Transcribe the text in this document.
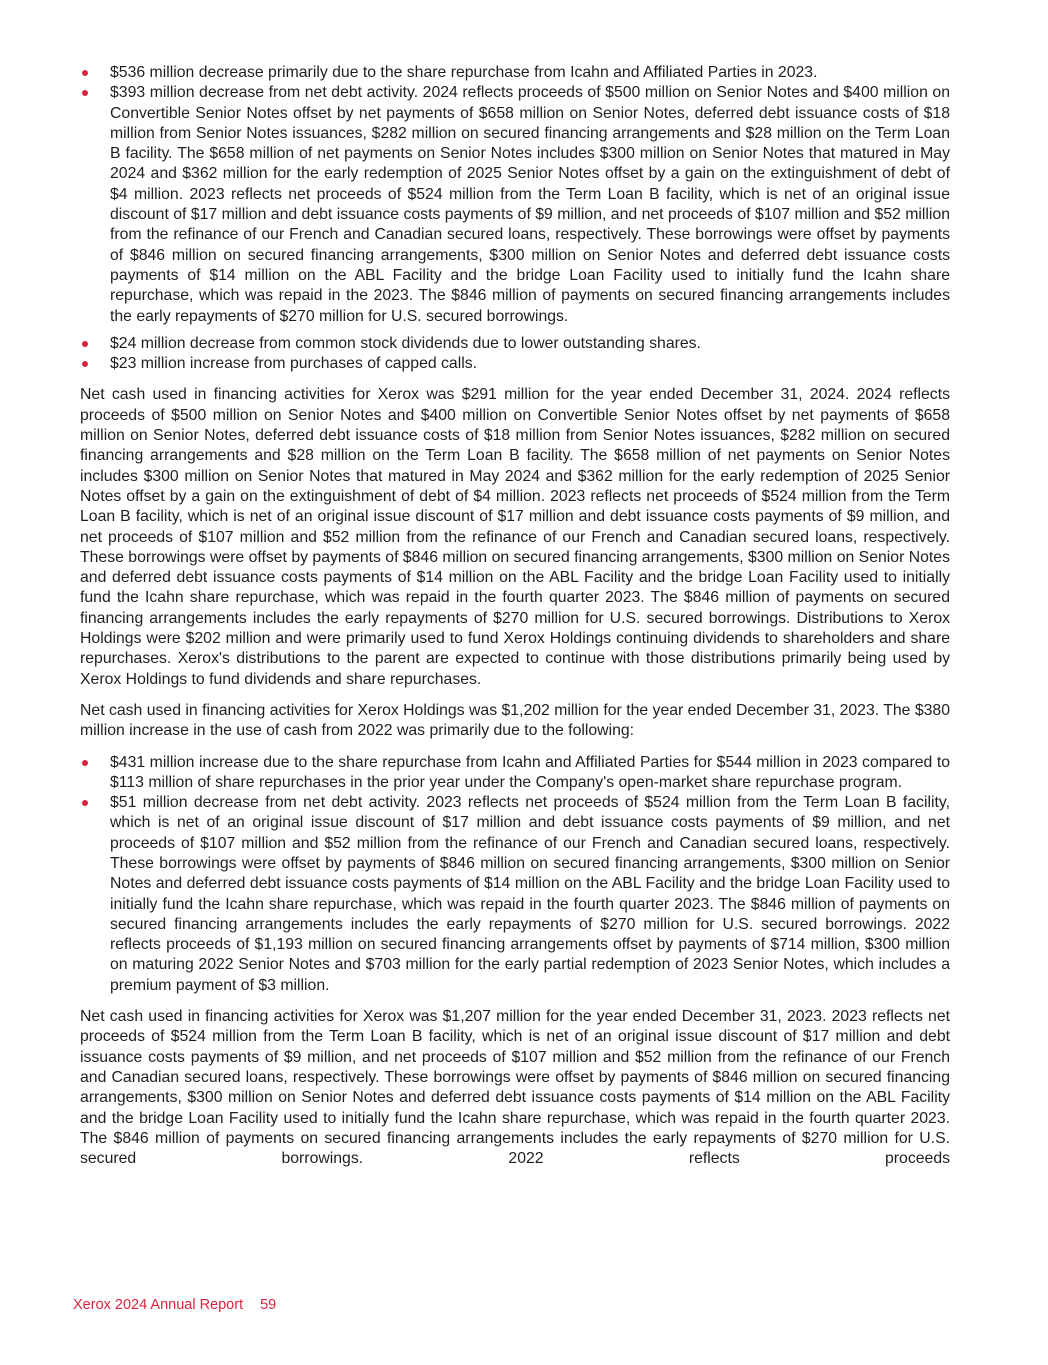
$536 million decrease primarily due to the share repurchase from Icahn and Affiliated Parties in 2023.
$393 million decrease from net debt activity. 2024 reflects proceeds of $500 million on Senior Notes and $400 million on Convertible Senior Notes offset by net payments of $658 million on Senior Notes, deferred debt issuance costs of $18 million from Senior Notes issuances, $282 million on secured financing arrangements and $28 million on the Term Loan B facility. The $658 million of net payments on Senior Notes includes $300 million on Senior Notes that matured in May 2024 and $362 million for the early redemption of 2025 Senior Notes offset by a gain on the extinguishment of debt of $4 million. 2023 reflects net proceeds of $524 million from the Term Loan B facility, which is net of an original issue discount of $17 million and debt issuance costs payments of $9 million, and net proceeds of $107 million and $52 million from the refinance of our French and Canadian secured loans, respectively. These borrowings were offset by payments of $846 million on secured financing arrangements, $300 million on Senior Notes and deferred debt issuance costs payments of $14 million on the ABL Facility and the bridge Loan Facility used to initially fund the Icahn share repurchase, which was repaid in the 2023. The $846 million of payments on secured financing arrangements includes the early repayments of $270 million for U.S. secured borrowings.
$24 million decrease from common stock dividends due to lower outstanding shares.
$23 million increase from purchases of capped calls.

Net cash used in financing activities for Xerox was $291 million for the year ended December 31, 2024. 2024 reflects proceeds of $500 million on Senior Notes and $400 million on Convertible Senior Notes offset by net payments of $658 million on Senior Notes, deferred debt issuance costs of $18 million from Senior Notes issuances, $282 million on secured financing arrangements and $28 million on the Term Loan B facility. The $658 million of net payments on Senior Notes includes $300 million on Senior Notes that matured in May 2024 and $362 million for the early redemption of 2025 Senior Notes offset by a gain on the extinguishment of debt of $4 million. 2023 reflects net proceeds of $524 million from the Term Loan B facility, which is net of an original issue discount of $17 million and debt issuance costs payments of $9 million, and net proceeds of $107 million and $52 million from the refinance of our French and Canadian secured loans, respectively. These borrowings were offset by payments of $846 million on secured financing arrangements, $300 million on Senior Notes and deferred debt issuance costs payments of $14 million on the ABL Facility and the bridge Loan Facility used to initially fund the Icahn share repurchase, which was repaid in the fourth quarter 2023. The $846 million of payments on secured financing arrangements includes the early repayments of $270 million for U.S. secured borrowings. Distributions to Xerox Holdings were $202 million and were primarily used to fund Xerox Holdings continuing dividends to shareholders and share repurchases. Xerox's distributions to the parent are expected to continue with those distributions primarily being used by Xerox Holdings to fund dividends and share repurchases.

Net cash used in financing activities for Xerox Holdings was $1,202 million for the year ended December 31, 2023. The $380 million increase in the use of cash from 2022 was primarily due to the following:

$431 million increase due to the share repurchase from Icahn and Affiliated Parties for $544 million in 2023 compared to $113 million of share repurchases in the prior year under the Company's open-market share repurchase program.
$51 million decrease from net debt activity. 2023 reflects net proceeds of $524 million from the Term Loan B facility, which is net of an original issue discount of $17 million and debt issuance costs payments of $9 million, and net proceeds of $107 million and $52 million from the refinance of our French and Canadian secured loans, respectively. These borrowings were offset by payments of $846 million on secured financing arrangements, $300 million on Senior Notes and deferred debt issuance costs payments of $14 million on the ABL Facility and the bridge Loan Facility used to initially fund the Icahn share repurchase, which was repaid in the fourth quarter 2023. The $846 million of payments on secured financing arrangements includes the early repayments of $270 million for U.S. secured borrowings. 2022 reflects proceeds of $1,193 million on secured financing arrangements offset by payments of $714 million, $300 million on maturing 2022 Senior Notes and $703 million for the early partial redemption of 2023 Senior Notes, which includes a premium payment of $3 million.

Net cash used in financing activities for Xerox was $1,207 million for the year ended December 31, 2023. 2023 reflects net proceeds of $524 million from the Term Loan B facility, which is net of an original issue discount of $17 million and debt issuance costs payments of $9 million, and net proceeds of $107 million and $52 million from the refinance of our French and Canadian secured loans, respectively. These borrowings were offset by payments of $846 million on secured financing arrangements, $300 million on Senior Notes and deferred debt issuance costs payments of $14 million on the ABL Facility and the bridge Loan Facility used to initially fund the Icahn share repurchase, which was repaid in the fourth quarter 2023. The $846 million of payments on secured financing arrangements includes the early repayments of $270 million for U.S. secured borrowings. 2022 reflects proceeds

Xerox 2024 Annual Report 59
